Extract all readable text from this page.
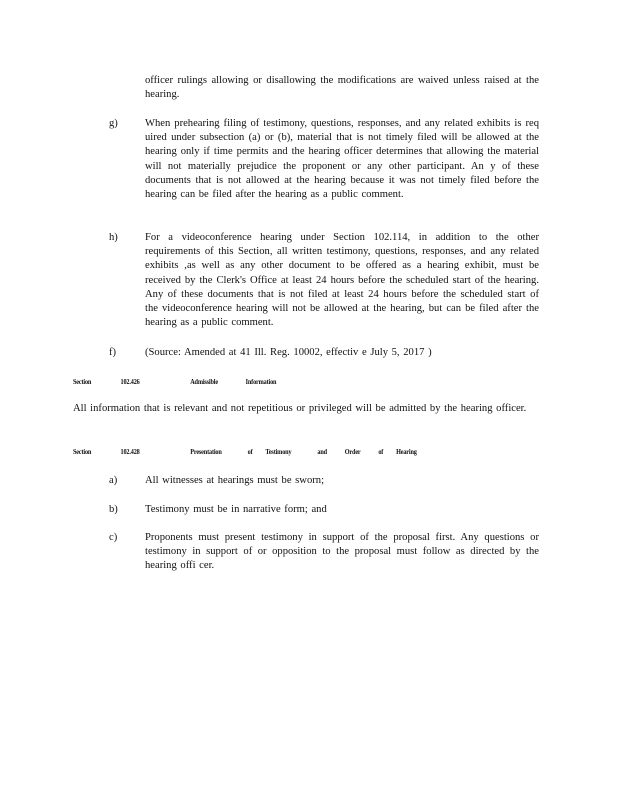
officer rulings allowing or disallowing the modifications are waived unless raised at the hearing.
g)	When prehearing filing of testimony, questions, responses, and any related exhibits is req uired under subsection (a) or (b), material that is not timely filed will be allowed at the hearing only if time permits and the hearing officer determines that allowing the material will not materially prejudice the proponent or any other participant. An y of these documents that is not allowed at the hearing because it was not timely filed before the hearing can be filed after the hearing as a public comment.
h)	For a videoconference hearing under Section 102.114, in addition to the other requirements of this Section, all written testimony, questions, responses, and any related exhibits ,as well as any other document to be offered as a hearing exhibit, must be received by the Clerk's Office at least 24 hours before the scheduled start of the hearing. Any of these documents that is not filed at least 24 hours before the scheduled start of the videoconference hearing will not be allowed at the hearing, but can be filed after the hearing as a public comment.
f)	(Source: Amended at 41 Ill. Reg. 10002, effectiv e July 5, 2017 )
Section	102.426	Admissible	Information
All information that is relevant and not repetitious or privileged will be admitted by the hearing officer.
Section	102.428	Presentation	of Testimony	and Order of Hearing
a)	All witnesses at hearings must be sworn;
b)	Testimony must be in narrative form; and
c)	Proponents must present testimony in support of the proposal first. Any questions or testimony in support of or opposition to the proposal must follow as directed by the hearing offi cer.
